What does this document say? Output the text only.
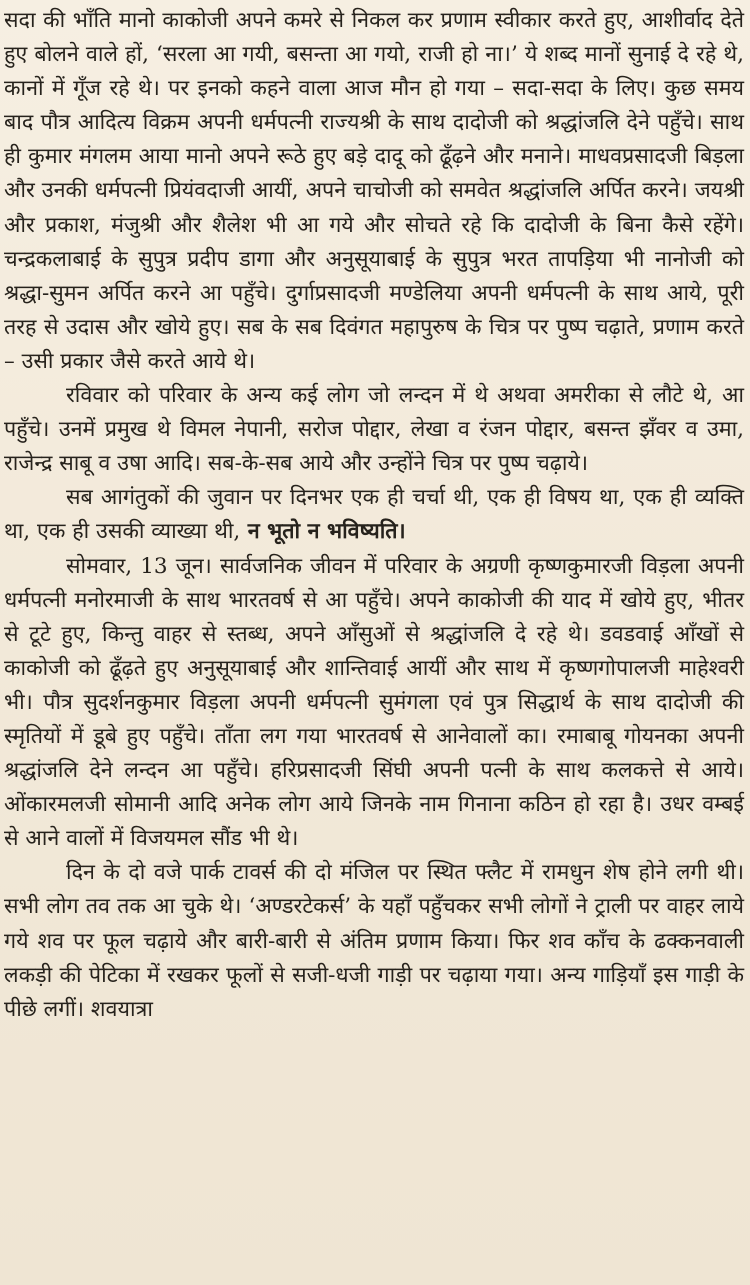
सदा की भाँति मानो काकोजी अपने कमरे से निकल कर प्रणाम स्वीकार करते हुए, आशीर्वाद देते हुए बोलने वाले हों, ‘सरला आ गयी, बसन्ता आ गयो, राजी हो ना।’ ये शब्द मानों सुनाई दे रहे थे, कानों में गूँज रहे थे। पर इनको कहने वाला आज मौन हो गया – सदा-सदा के लिए। कुछ समय बाद पौत्र आदित्य विक्रम अपनी धर्मपत्नी राज्यश्री के साथ दादोजी को श्रद्धांजलि देने पहुँचे। साथ ही कुमार मंगलम आया मानो अपने रूठे हुए बड़े दादू को ढूँढ़ने और मनाने। माधवप्रसादजी बिड़ला और उनकी धर्मपत्नी प्रियंवदाजी आयीं, अपने चाचोजी को समवेत श्रद्धांजलि अर्पित करने। जयश्री और प्रकाश, मंजुश्री और शैलेश भी आ गये और सोचते रहे कि दादोजी के बिना कैसे रहेंगे। चन्द्रकलाबाई के सुपुत्र प्रदीप डागा और अनुसूयाबाई के सुपुत्र भरत तापड़िया भी नानोजी को श्रद्धा-सुमन अर्पित करने आ पहुँचे। दुर्गाप्रसादजी मण्डेलिया अपनी धर्मपत्नी के साथ आये, पूरी तरह से उदास और खोये हुए। सब के सब दिवंगत महापुरुष के चित्र पर पुष्प चढ़ाते, प्रणाम करते – उसी प्रकार जैसे करते आये थे।

रविवार को परिवार के अन्य कई लोग जो लन्दन में थे अथवा अमरीका से लौटे थे, आ पहुँचे। उनमें प्रमुख थे विमल नेपानी, सरोज पोद्दार, लेखा व रंजन पोद्दार, बसन्त झँवर व उमा, राजेन्द्र साबू व उषा आदि। सब-के-सब आये और उन्होंने चित्र पर पुष्प चढ़ाये।

सब आगंतुकों की जुवान पर दिनभर एक ही चर्चा थी, एक ही विषय था, एक ही व्यक्ति था, एक ही उसकी व्याख्या थी, न भूतो न भविष्यति।

सोमवार, 13 जून। सार्वजनिक जीवन में परिवार के अग्रणी कृष्णकुमारजी विड़ला अपनी धर्मपत्नी मनोरमाजी के साथ भारतवर्ष से आ पहुँचे। अपने काकोजी की याद में खोये हुए, भीतर से टूटे हुए, किन्तु वाहर से स्तब्ध, अपने आँसुओं से श्रद्धांजलि दे रहे थे। डवडवाई आँखों से काकोजी को ढूँढ़ते हुए अनुसूयाबाई और शान्तिवाई आयीं और साथ में कृष्णगोपालजी माहेश्वरी भी। पौत्र सुदर्शनकुमार विड़ला अपनी धर्मपत्नी सुमंगला एवं पुत्र सिद्धार्थ के साथ दादोजी की स्मृतियों में डूबे हुए पहुँचे। ताँता लग गया भारतवर्ष से आनेवालों का। रमाबाबू गोयनका अपनी श्रद्धांजलि देने लन्दन आ पहुँचे। हरिप्रसादजी सिंघी अपनी पत्नी के साथ कलकत्ते से आये। ओंकारमलजी सोमानी आदि अनेक लोग आये जिनके नाम गिनाना कठिन हो रहा है। उधर वम्बई से आने वालों में विजयमल सौंड भी थे।

दिन के दो वजे पार्क टावर्स की दो मंजिल पर स्थित फ्लैट में रामधुन शेष होने लगी थी। सभी लोग तव तक आ चुके थे। ‘अण्डरटेकर्स’ के यहाँ पहुँचकर सभी लोगों ने ट्राली पर वाहर लाये गये शव पर फूल चढ़ाये और बारी-बारी से अंतिम प्रणाम किया। फिर शव काँच के ढक्कनवाली लकड़ी की पेटिका में रखकर फूलों से सजी-धजी गाड़ी पर चढ़ाया गया। अन्य गाड़ियाँ इस गाड़ी के पीछे लगीं। शवयात्रा
